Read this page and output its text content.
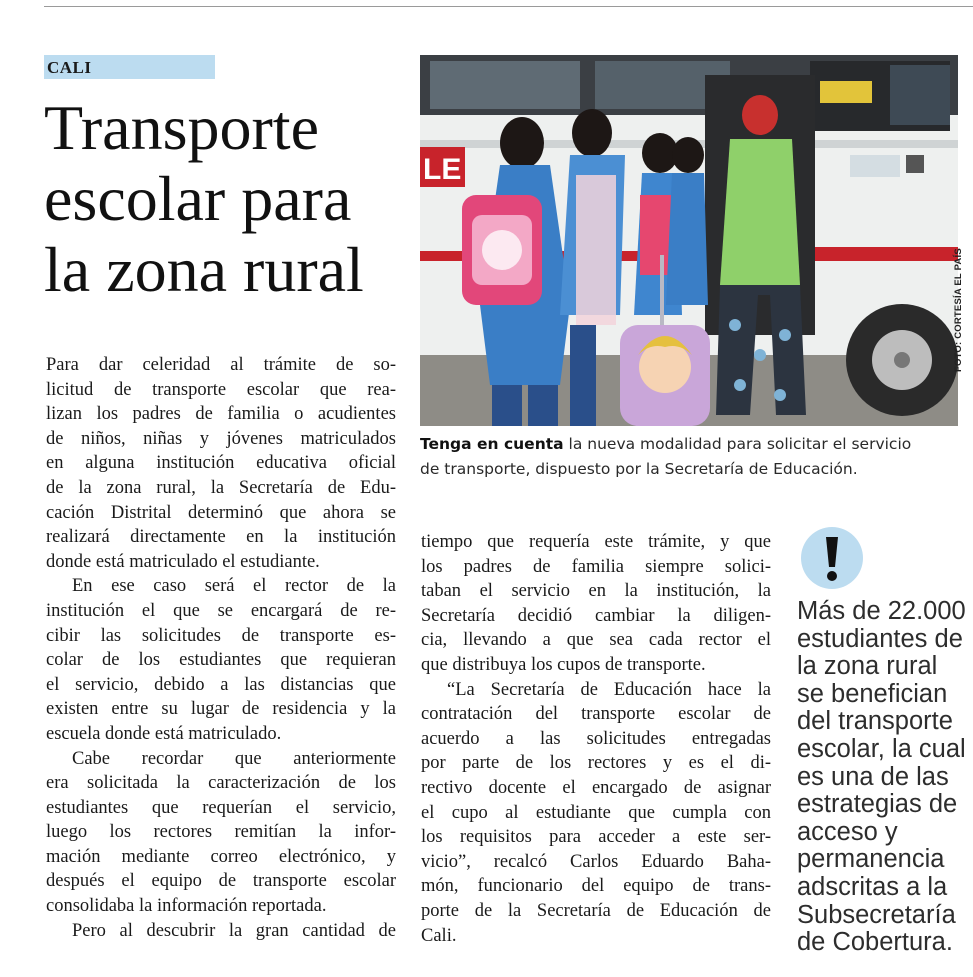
CALI
Transporte
escolar para
la zona rural
LE
FOTO: CORTESÍA EL PAÍS

Tenga en cuenta la nueva modalidad para solicitar el servicio de transporte, dispuesto por la Secretaría de Educación.

Para dar celeridad al trámite de so-
licitud de transporte escolar que rea-
lizan los padres de familia o acudientes
de niños, niñas y jóvenes matriculados
en alguna institución educativa oficial
de la zona rural, la Secretaría de Edu-
cación Distrital determinó que ahora se
realizará directamente en la institución
donde está matriculado el estudiante.
En ese caso será el rector de la
institución el que se encargará de re-
cibir las solicitudes de transporte es-
colar de los estudiantes que requieran
el servicio, debido a las distancias que
existen entre su lugar de residencia y la
escuela donde está matriculado.
Cabe recordar que anteriormente
era solicitada la caracterización de los
estudiantes que requerían el servicio,
luego los rectores remitían la infor-
mación mediante correo electrónico, y
después el equipo de transporte escolar
consolidaba la información reportada.
Pero al descubrir la gran cantidad de
tiempo que requería este trámite, y que
los padres de familia siempre solici-
taban el servicio en la institución, la
Secretaría decidió cambiar la diligen-
cia, llevando a que sea cada rector el
que distribuya los cupos de transporte.
“La Secretaría de Educación hace la
contratación del transporte escolar de
acuerdo a las solicitudes entregadas
por parte de los rectores y es el di-
rectivo docente el encargado de asignar
el cupo al estudiante que cumpla con
los requisitos para acceder a este ser-
vicio”, recalcó Carlos Eduardo Baha-
món, funcionario del equipo de trans-
porte de la Secretaría de Educación de
Cali.
Más de 22.000
estudiantes de
la zona rural
se benefician
del transporte
escolar, la cual
es una de las
estrategias de
acceso y
permanencia
adscritas a la
Subsecretaría
de Cobertura.
